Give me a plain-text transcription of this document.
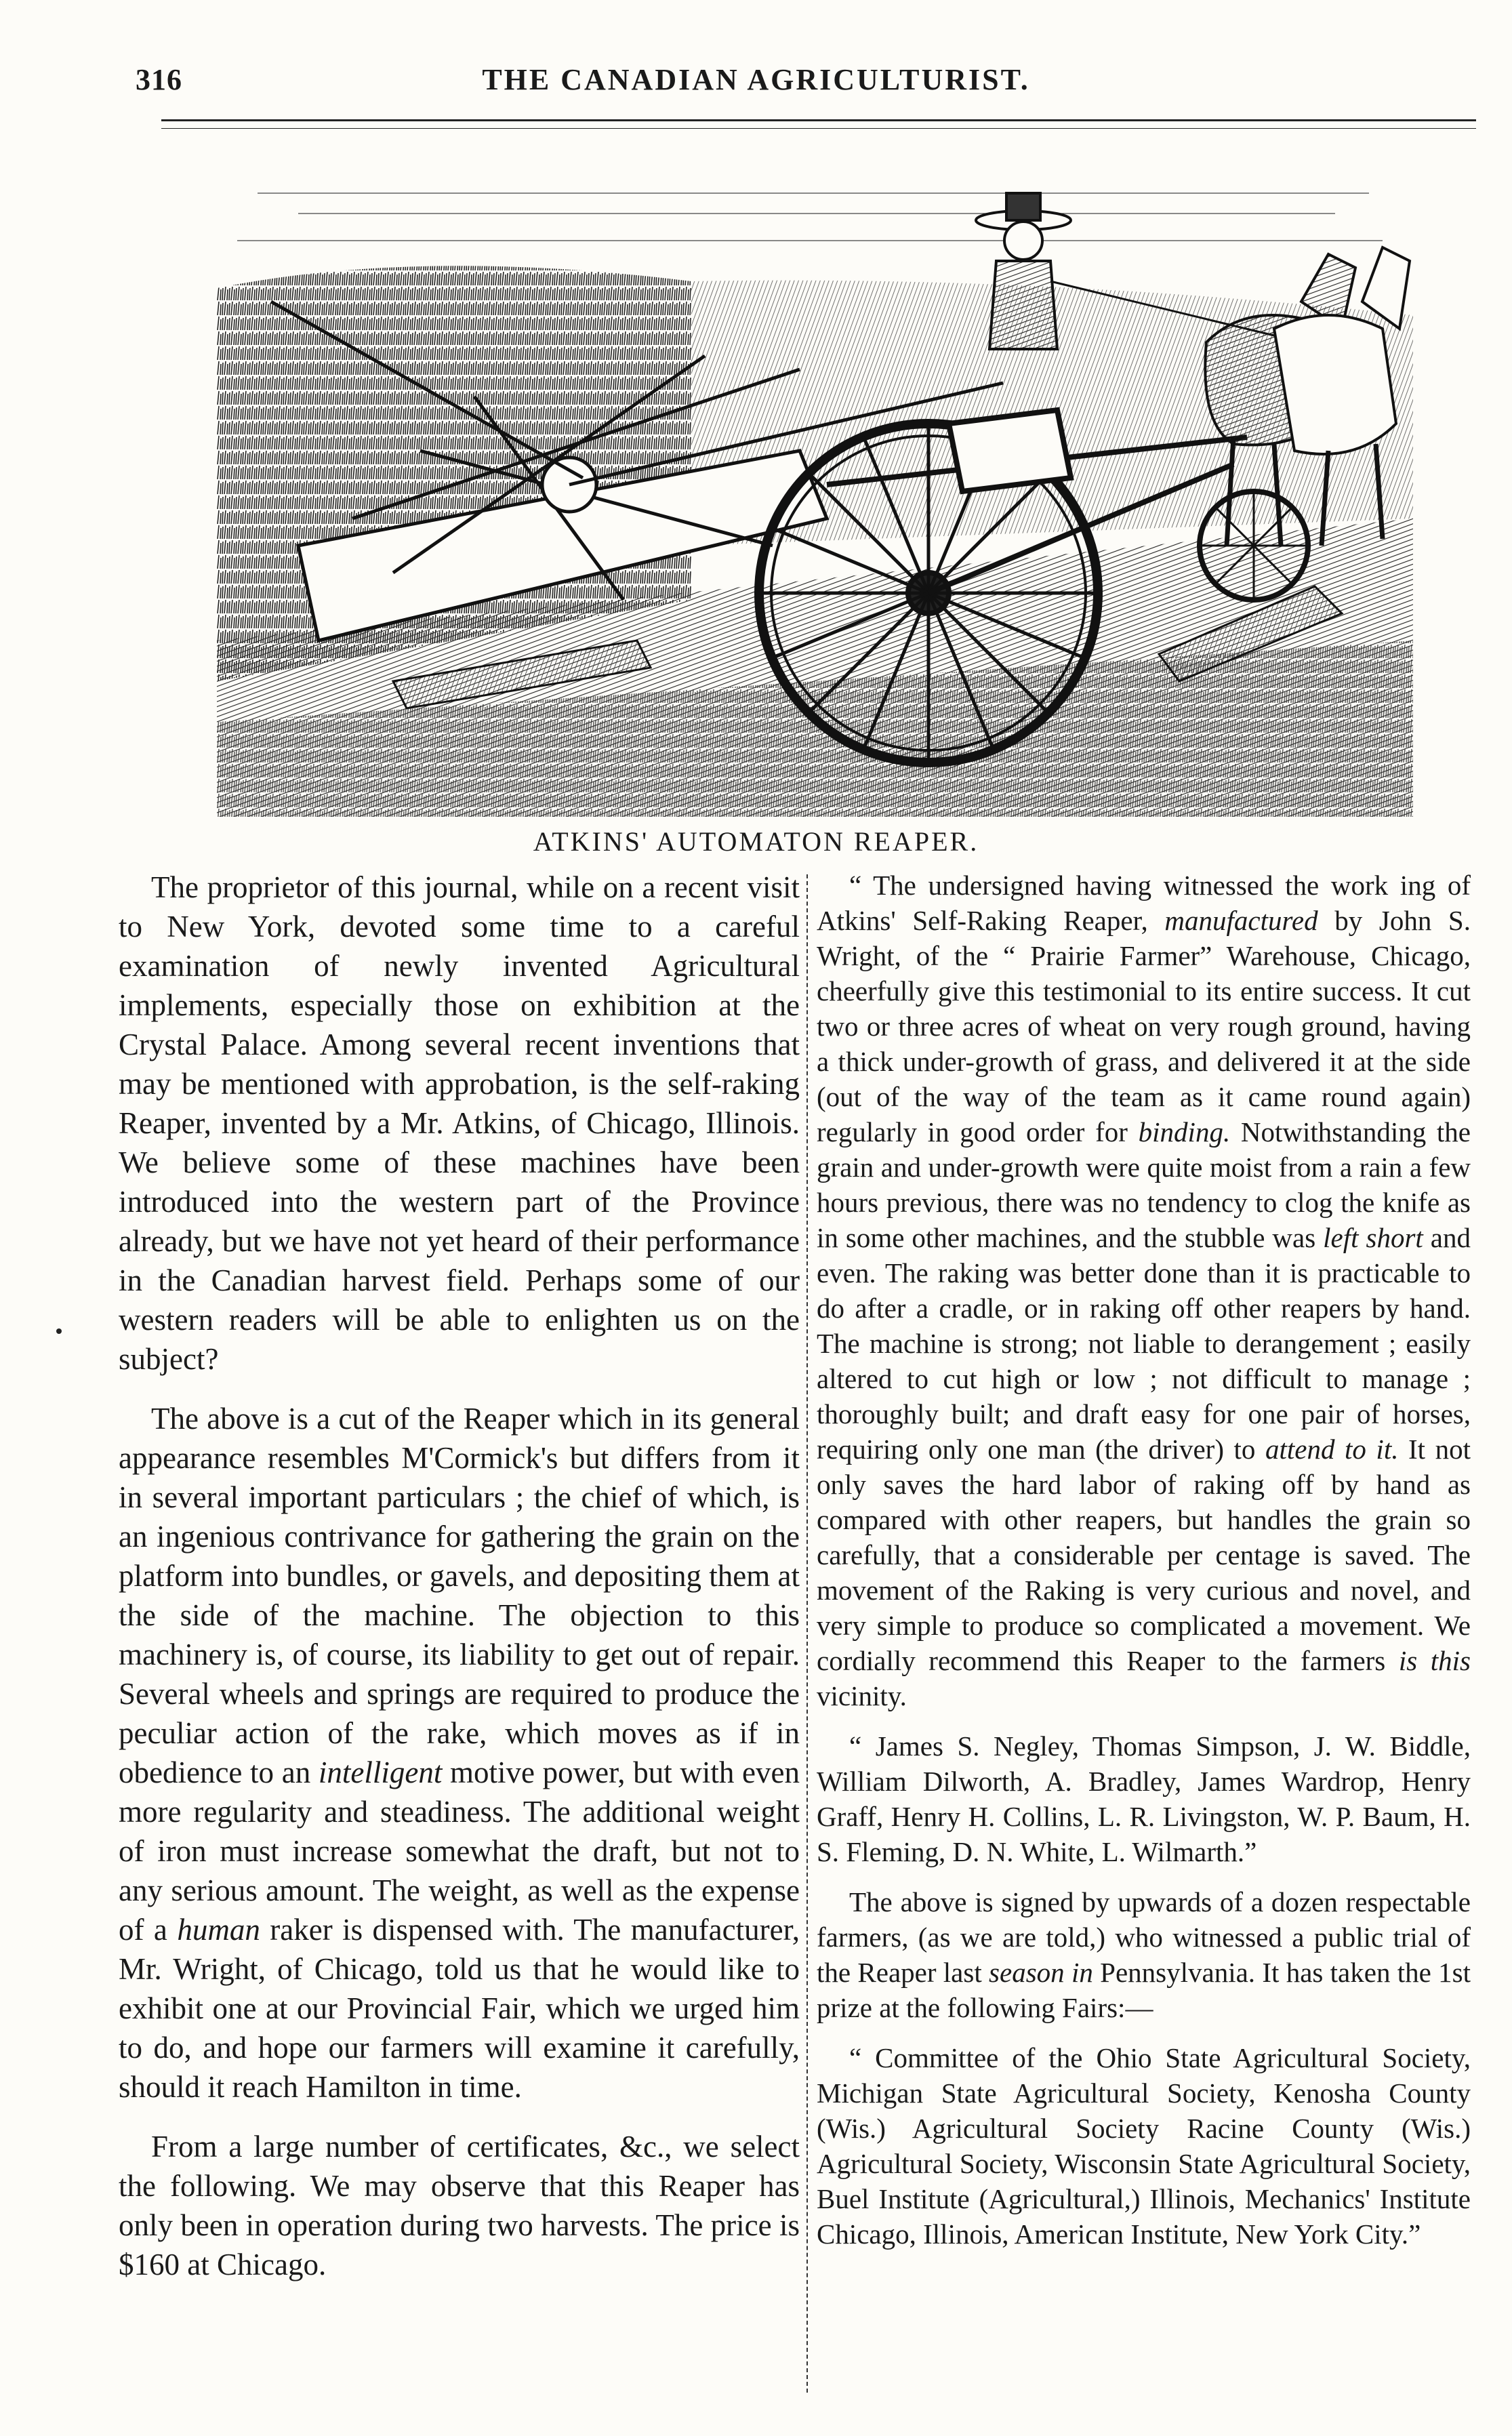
316	THE CANADIAN AGRICULTURIST.
ATKINS' AUTOMATON REAPER.

The proprietor of this journal, while on a recent visit to New York, devoted some time to a careful examination of newly invented Agricultural implements, especially those on exhibition at the Crystal Palace. Among several recent inventions that may be mentioned with approbation, is the self-raking Reaper, invented by a Mr. Atkins, of Chicago, Illinois. We believe some of these machines have been introduced into the western part of the Province already, but we have not yet heard of their performance in the Canadian harvest field. Perhaps some of our western readers will be able to enlighten us on the subject?

The above is a cut of the Reaper which in its general appearance resembles M'Cormick's but differs from it in several important particulars ; the chief of which, is an ingenious contrivance for gathering the grain on the platform into bundles, or gavels, and depositing them at the side of the machine. The objection to this machinery is, of course, its liability to get out of repair. Several wheels and springs are required to produce the peculiar action of the rake, which moves as if in obedience to an intelligent motive power, but with even more regularity and steadiness. The additional weight of iron must increase somewhat the draft, but not to any serious amount. The weight, as well as the expense of a human raker is dispensed with. The manufacturer, Mr. Wright, of Chicago, told us that he would like to exhibit one at our Provincial Fair, which we urged him to do, and hope our farmers will examine it carefully, should it reach Hamilton in time.

From a large number of certificates, &c., we select the following. We may observe that this Reaper has only been in operation during two harvests. The price is $160 at Chicago.

“ The undersigned having witnessed the work ing of Atkins' Self-Raking Reaper, manufactured by John S. Wright, of the “ Prairie Farmer” Warehouse, Chicago, cheerfully give this testimonial to its entire success. It cut two or three acres of wheat on very rough ground, having a thick under-growth of grass, and delivered it at the side (out of the way of the team as it came round again) regularly in good order for binding. Notwithstanding the grain and under-growth were quite moist from a rain a few hours previous, there was no tendency to clog the knife as in some other machines, and the stubble was left short and even. The raking was better done than it is practicable to do after a cradle, or in raking off other reapers by hand. The machine is strong; not liable to derangement ; easily altered to cut high or low ; not difficult to manage ; thoroughly built; and draft easy for one pair of horses, requiring only one man (the driver) to attend to it. It not only saves the hard labor of raking off by hand as compared with other reapers, but handles the grain so carefully, that a considerable per centage is saved. The movement of the Raking is very curious and novel, and very simple to produce so complicated a movement. We cordially recommend this Reaper to the farmers is this vicinity.

“ James S. Negley, Thomas Simpson, J. W. Biddle, William Dilworth, A. Bradley, James Wardrop, Henry Graff, Henry H. Collins, L. R. Livingston, W. P. Baum, H. S. Fleming, D. N. White, L. Wilmarth.”

The above is signed by upwards of a dozen respectable farmers, (as we are told,) who witnessed a public trial of the Reaper last season in Pennsylvania. It has taken the 1st prize at the following Fairs:—

“ Committee of the Ohio State Agricultural Society, Michigan State Agricultural Society, Kenosha County (Wis.) Agricultural Society Racine County (Wis.) Agricultural Society, Wisconsin State Agricultural Society, Buel Institute (Agricultural,) Illinois, Mechanics' Institute Chicago, Illinois, American Institute, New York City.”
